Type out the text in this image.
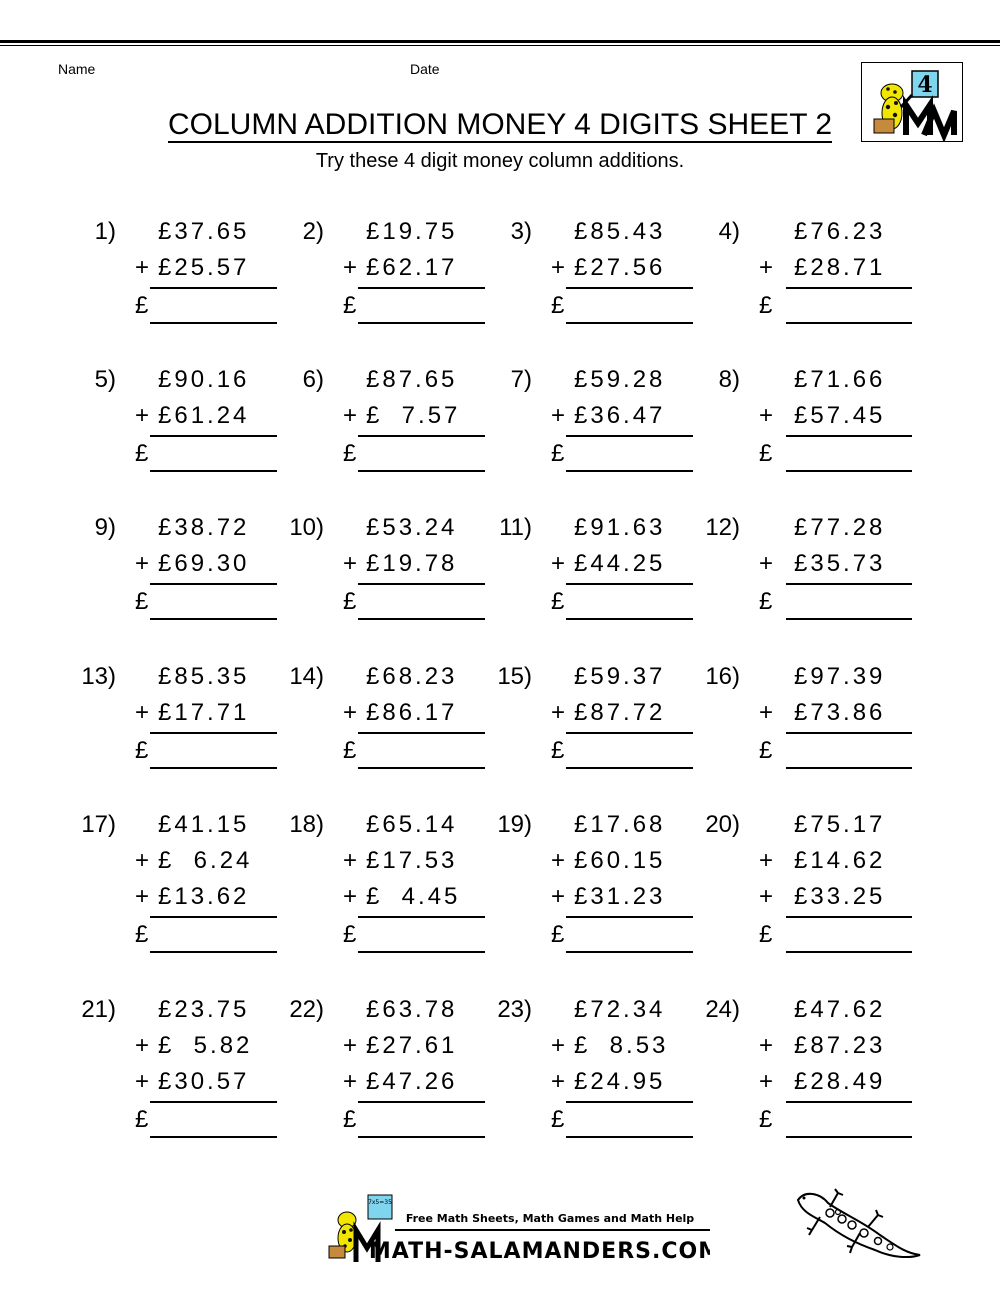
Name	Date
COLUMN ADDITION MONEY 4 DIGITS SHEET 2
Try these 4 digit money column additions.
4
1) £37.65
+ £25.57
£
2) £19.75
+ £62.17
£
3) £85.43
+ £27.56
£
4) £76.23
+ £28.71
£
5) £90.16
+ £61.24
£
6) £87.65
+ £  7.57
£
7) £59.28
+ £36.47
£
8) £71.66
+ £57.45
£
9) £38.72
+ £69.30
£
10) £53.24
+ £19.78
£
11) £91.63
+ £44.25
£
12) £77.28
+ £35.73
£
13) £85.35
+ £17.71
£
14) £68.23
+ £86.17
£
15) £59.37
+ £87.72
£
16) £97.39
+ £73.86
£
17) £41.15
+ £  6.24
+ £13.62
£
18) £65.14
+ £17.53
+ £  4.45
£
19) £17.68
+ £60.15
+ £31.23
£
20) £75.17
+ £14.62
+ £33.25
£
21) £23.75
+ £  5.82
+ £30.57
£
22) £63.78
+ £27.61
+ £47.26
£
23) £72.34
+ £  8.53
+ £24.95
£
24) £47.62
+ £87.23
+ £28.49
£
7x5=35
Free Math Sheets, Math Games and Math Help
MATH-SALAMANDERS.COM
